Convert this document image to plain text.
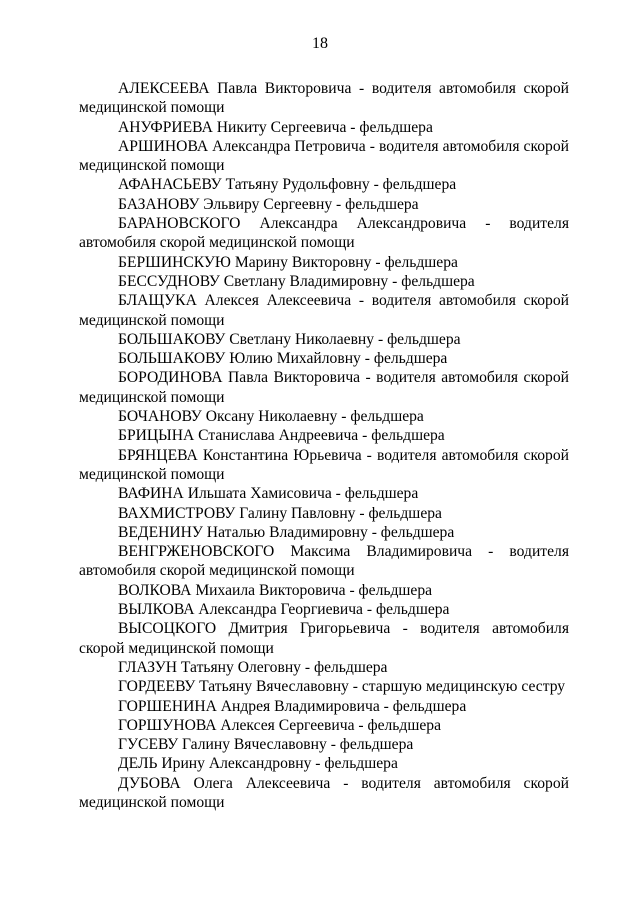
18

АЛЕКСЕЕВА Павла Викторовича - водителя автомобиля скорой медицинской помощи

АНУФРИЕВА Никиту Сергеевича - фельдшера

АРШИНОВА Александра Петровича - водителя автомобиля скорой медицинской помощи

АФАНАСЬЕВУ Татьяну Рудольфовну - фельдшера

БАЗАНОВУ Эльвиру Сергеевну - фельдшера

БАРАНОВСКОГО Александра Александровича - водителя автомобиля скорой медицинской помощи

БЕРШИНСКУЮ Марину Викторовну - фельдшера

БЕССУДНОВУ Светлану Владимировну - фельдшера

БЛАЩУКА Алексея Алексеевича - водителя автомобиля скорой медицинской помощи

БОЛЬШАКОВУ Светлану Николаевну - фельдшера

БОЛЬШАКОВУ Юлию Михайловну - фельдшера

БОРОДИНОВА Павла Викторовича - водителя автомобиля скорой медицинской помощи

БОЧАНОВУ Оксану Николаевну - фельдшера

БРИЦЫНА Станислава Андреевича - фельдшера

БРЯНЦЕВА Константина Юрьевича - водителя автомобиля скорой медицинской помощи

ВАФИНА Ильшата Хамисовича - фельдшера

ВАХМИСТРОВУ Галину Павловну - фельдшера

ВЕДЕНИНУ Наталью Владимировну - фельдшера

ВЕНГРЖЕНОВСКОГО Максима Владимировича - водителя автомобиля скорой медицинской помощи

ВОЛКОВА Михаила Викторовича - фельдшера

ВЫЛКОВА Александра Георгиевича - фельдшера

ВЫСОЦКОГО Дмитрия Григорьевича - водителя автомобиля скорой медицинской помощи

ГЛАЗУН Татьяну Олеговну - фельдшера

ГОРДЕЕВУ Татьяну Вячеславовну - старшую медицинскую сестру

ГОРШЕНИНА Андрея Владимировича - фельдшера

ГОРШУНОВА Алексея Сергеевича - фельдшера

ГУСЕВУ Галину Вячеславовну - фельдшера

ДЕЛЬ Ирину Александровну - фельдшера

ДУБОВА Олега Алексеевича - водителя автомобиля скорой медицинской помощи
